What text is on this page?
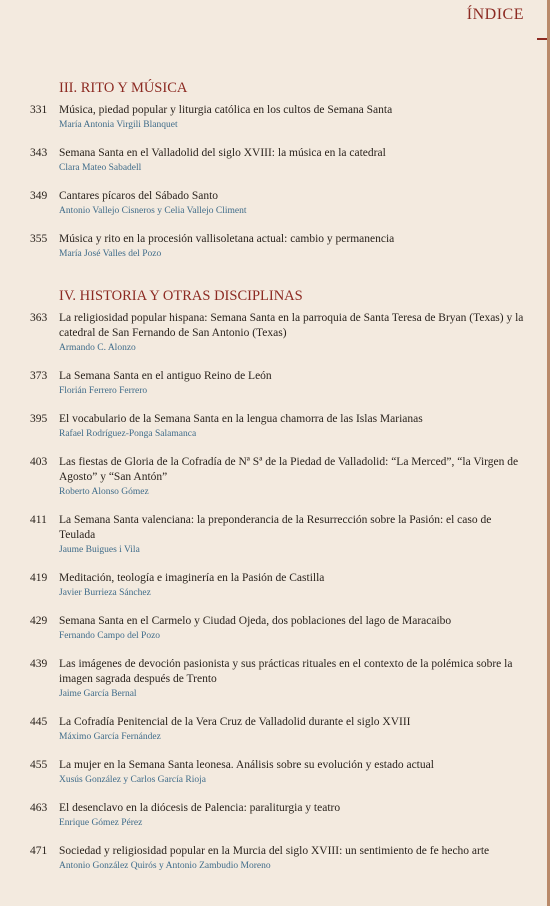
ÍNDICE
III. RITO Y MÚSICA
331	Música, piedad popular y liturgia católica en los cultos de Semana Santa
María Antonia Virgili Blanquet
343	Semana Santa en el Valladolid del siglo XVIII: la música en la catedral
Clara Mateo Sabadell
349	Cantares pícaros del Sábado Santo
Antonio Vallejo Cisneros y Celia Vallejo Climent
355	Música y rito en la procesión vallisoletana actual: cambio y permanencia
María José Valles del Pozo
IV. HISTORIA Y OTRAS DISCIPLINAS
363	La religiosidad popular hispana: Semana Santa en la parroquia de Santa Teresa de Bryan (Texas) y la catedral de San Fernando de San Antonio (Texas)
Armando C. Alonzo
373	La Semana Santa en el antiguo Reino de León
Florián Ferrero Ferrero
395	El vocabulario de la Semana Santa en la lengua chamorra de las Islas Marianas
Rafael Rodríguez-Ponga Salamanca
403	Las fiestas de Gloria de la Cofradía de Nª Sª de la Piedad de Valladolid: “La Merced”, “la Virgen de Agosto” y “San Antón”
Roberto Alonso Gómez
411	La Semana Santa valenciana: la preponderancia de la Resurrección sobre la Pasión: el caso de Teulada
Jaume Buigues i Vila
419	Meditación, teología e imaginería en la Pasión de Castilla
Javier Burrieza Sánchez
429	Semana Santa en el Carmelo y Ciudad Ojeda, dos poblaciones del lago de Maracaibo
Fernando Campo del Pozo
439	Las imágenes de devoción pasionista y sus prácticas rituales en el contexto de la polémica sobre la imagen sagrada después de Trento
Jaime García Bernal
445	La Cofradía Penitencial de la Vera Cruz de Valladolid durante el siglo XVIII
Máximo García Fernández
455	La mujer en la Semana Santa leonesa. Análisis sobre su evolución y estado actual
Xusús González y Carlos García Rioja
463	El desenclavo en la diócesis de Palencia: paraliturgia y teatro
Enrique Gómez Pérez
471	Sociedad y religiosidad popular en la Murcia del siglo XVIII: un sentimiento de fe hecho arte
Antonio González Quirós y Antonio Zambudio Moreno
